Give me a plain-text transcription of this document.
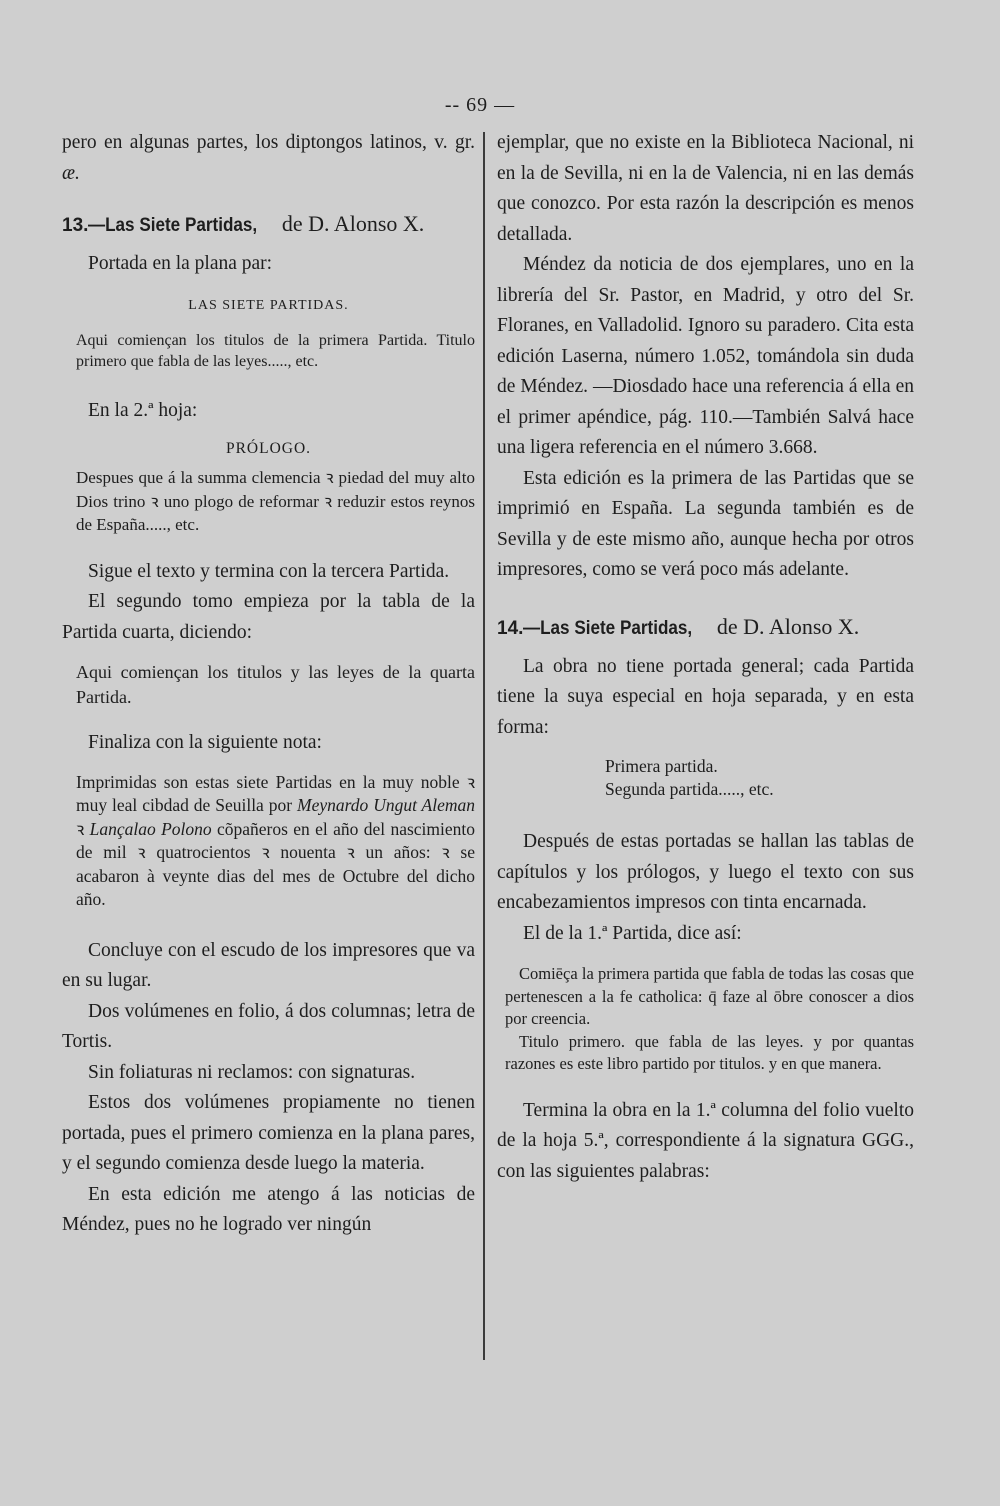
-- 69 —

pero en algunas partes, los diptongos latinos, v. gr. æ.

13.—Las Siete Partidas, de D. Alonso X.

Portada en la plana par:

LAS SIETE PARTIDAS.

Aqui comiençan los titulos de la primera Partida. Titulo primero que fabla de las leyes....., etc.

En la 2.ª hoja:

PRÓLOGO.

Despues que á la summa clemencia ꝛ piedad del muy alto Dios trino ꝛ uno plogo de reformar ꝛ reduzir estos reynos de España....., etc.

Sigue el texto y termina con la tercera Partida.

El segundo tomo empieza por la tabla de la Partida cuarta, diciendo:

Aqui comiençan los titulos y las leyes de la quarta Partida.

Finaliza con la siguiente nota:

Imprimidas son estas siete Partidas en la muy noble ꝛ muy leal cibdad de Seuilla por Meynardo Ungut Aleman ꝛ Lançalao Polono cõpañeros en el año del nascimiento de mil ꝛ quatrocientos ꝛ nouenta ꝛ un años: ꝛ se acabaron à veynte dias del mes de Octubre del dicho año.

Concluye con el escudo de los impresores que va en su lugar.

Dos volúmenes en folio, á dos columnas; letra de Tortis.

Sin foliaturas ni reclamos: con signaturas.

Estos dos volúmenes propiamente no tienen portada, pues el primero comienza en la plana pares, y el segundo comienza desde luego la materia.

En esta edición me atengo á las noticias de Méndez, pues no he logrado ver ningún

ejemplar, que no existe en la Biblioteca Nacional, ni en la de Sevilla, ni en la de Valencia, ni en las demás que conozco. Por esta razón la descripción es menos detallada.

Méndez da noticia de dos ejemplares, uno en la librería del Sr. Pastor, en Madrid, y otro del Sr. Floranes, en Valladolid. Ignoro su paradero. Cita esta edición Laserna, número 1.052, tomándola sin duda de Méndez. —Diosdado hace una referencia á ella en el primer apéndice, pág. 110.—También Salvá hace una ligera referencia en el número 3.668.

Esta edición es la primera de las Partidas que se imprimió en España. La segunda también es de Sevilla y de este mismo año, aunque hecha por otros impresores, como se verá poco más adelante.

14.—Las Siete Partidas, de D. Alonso X.

La obra no tiene portada general; cada Partida tiene la suya especial en hoja separada, y en esta forma:

Primera partida.

Segunda partida....., etc.

Después de estas portadas se hallan las tablas de capítulos y los prólogos, y luego el texto con sus encabezamientos impresos con tinta encarnada.

El de la 1.ª Partida, dice así:

Comiēça la primera partida que fabla de todas las cosas que pertenescen a la fe catholica: q̄ faze al ōbre conoscer a dios por creencia.

Titulo primero. que fabla de las leyes. y por quantas razones es este libro partido por titulos. y en que manera.

Termina la obra en la 1.ª columna del folio vuelto de la hoja 5.ª, correspondiente á la signatura GGG., con las siguientes palabras:
